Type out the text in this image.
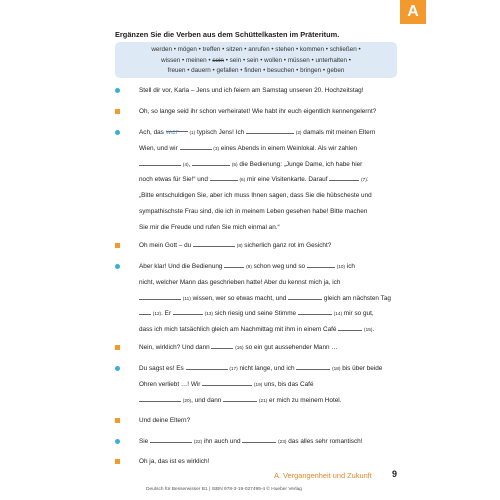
A
Ergänzen Sie die Verben aus dem Schüttelkasten im Präteritum.
werden • mögen • treffen • sitzen • anrufen • stehen • kommen • schließen •
wissen • meinen • sein • sein • sein • wollen • müssen • unterhalten •
freuen • dauern • gefallen • finden • besuchen • bringen • geben
Stell dir vor, Karla – Jens und ich feiern am Samstag unseren 20. Hochzeitstag!
Oh, so lange seid ihr schon verheiratet! Wie habt ihr euch eigentlich kennengelernt?
Ach, das war (1) typisch Jens! Ich	(2) damals mit meinen Eltern
Wien, und wir	(3) eines Abends in einem Weinlokal. Als wir zahlen
(4),	(5) die Bedienung: „Junge Dame, ich habe hier
noch etwas für Sie!“ und	(6) mir eine Visitenkarte. Darauf	(7):
„Bitte entschuldigen Sie, aber ich muss Ihnen sagen, dass Sie die hübscheste und
sympathischste Frau sind, die ich in meinem Leben gesehen habe! Bitte machen
Sie mir die Freude und rufen Sie mich einmal an.“
Oh mein Gott – du	(8) sicherlich ganz rot im Gesicht?
Aber klar! Und die Bedienung	(9) schon weg und so	(10) ich
nicht, welcher Mann das geschrieben hatte! Aber du kennst mich ja, ich
(11) wissen, wer so etwas macht, und	gleich am nächsten Tag
(12). Er	(13) sich riesig und seine Stimme	(14) mir so gut,
dass ich mich tatsächlich gleich am Nachmittag mit ihm in einem Café	(15).
Nein, wirklich? Und dann	(16) so ein gut aussehender Mann …
Du sagst es! Es	(17) nicht lange, und ich	(18) bis über beide
Ohren verliebt …! Wir	(19) uns, bis das Café
(20), und dann	(21) er mich zu meinem Hotel.
Und deine Eltern?
Sie	(22) ihn auch und	(23) das alles sehr romantisch!
Oh ja, das ist es wirklich!
A. Vergangenheit und Zukunft 9
Deutsch für Besserwisser B1 | ISBN 978-3-19-027499-4 © Hueber Verlag
